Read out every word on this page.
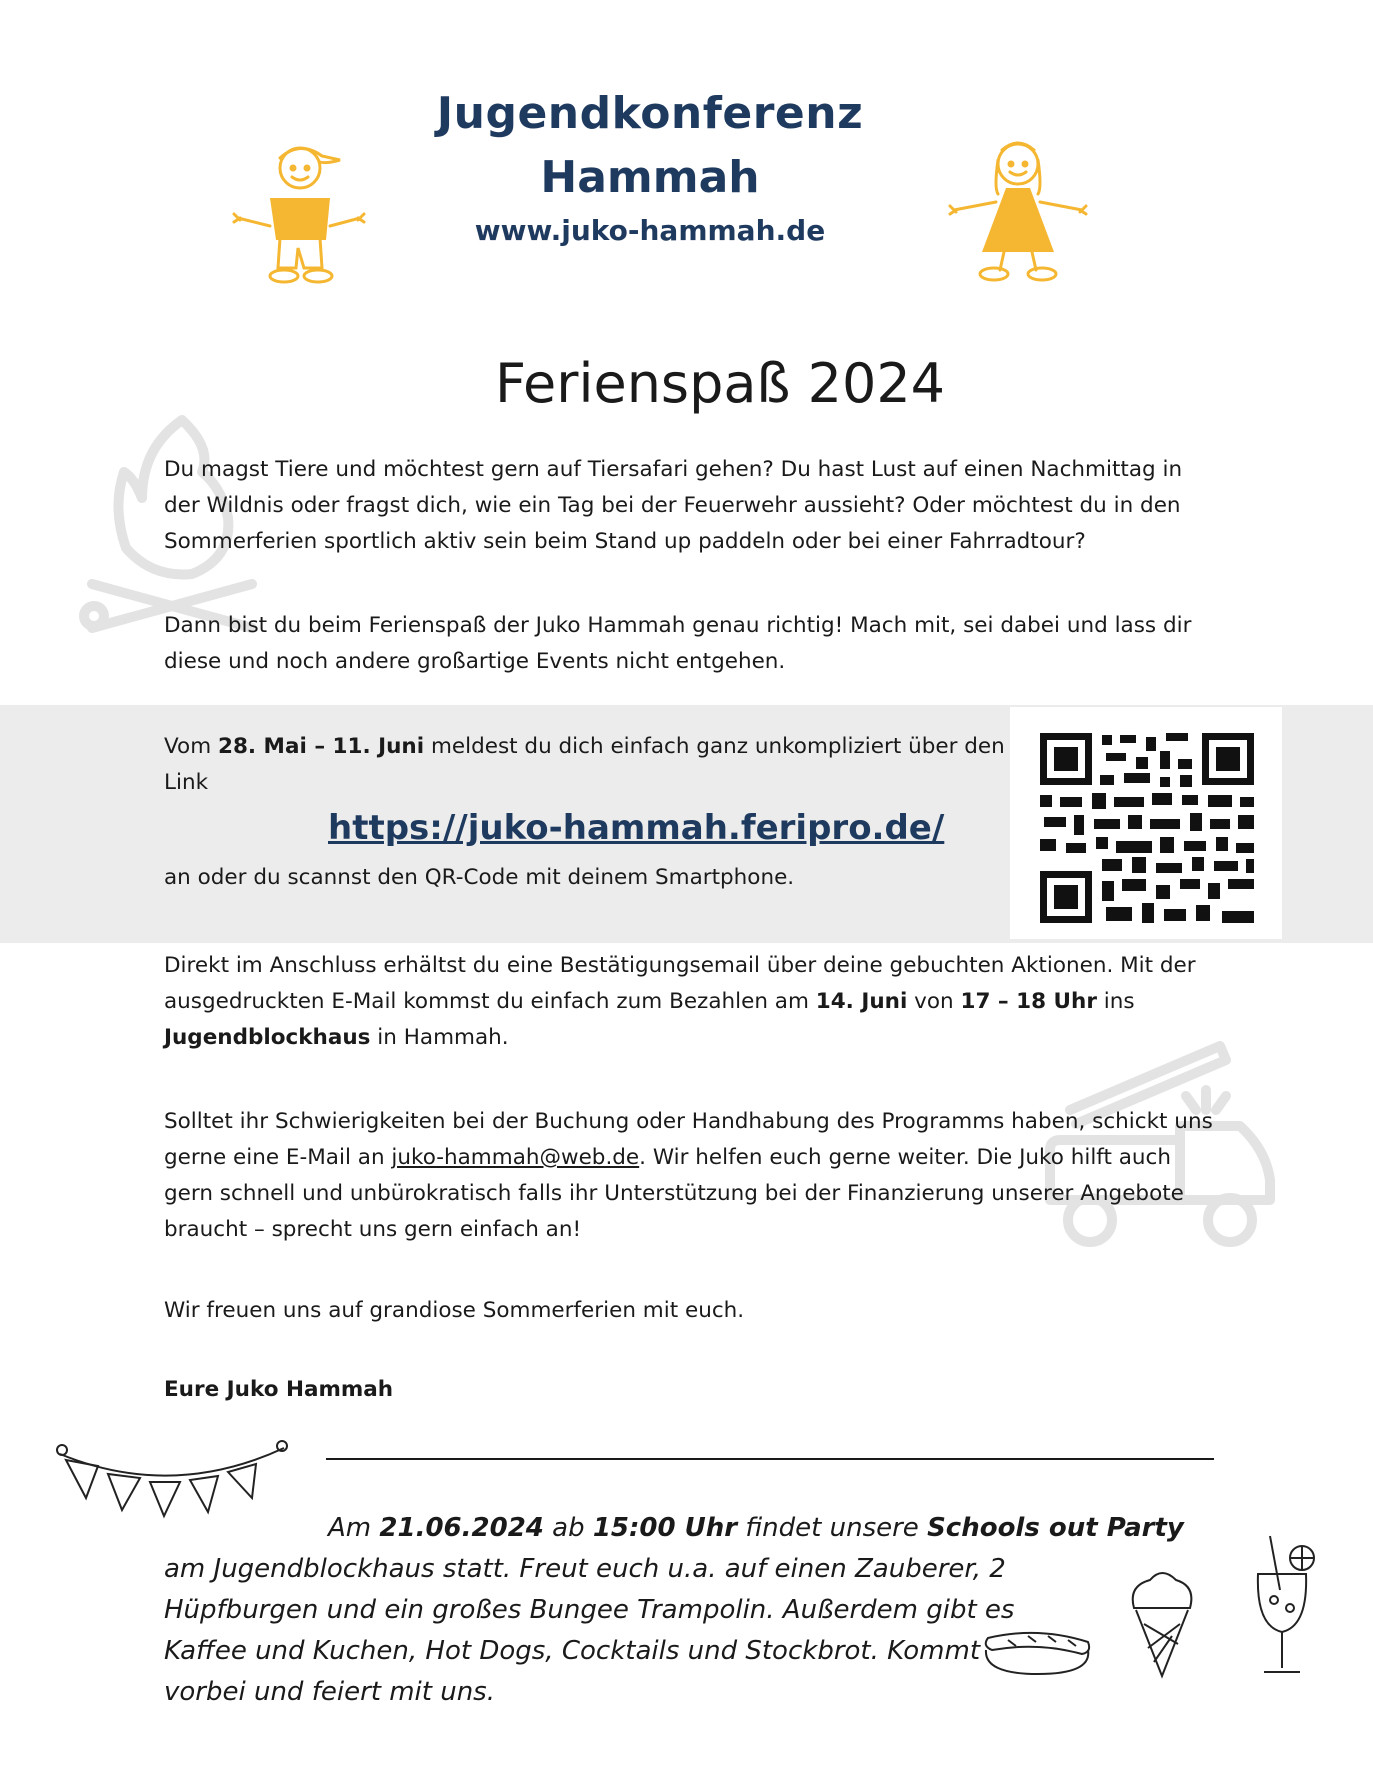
Jugendkonferenz
Hammah
www.juko-hammah.de
Ferienspaß 2024
Du magst Tiere und möchtest gern auf Tiersafari gehen? Du hast Lust auf einen Nachmittag in der Wildnis oder fragst dich, wie ein Tag bei der Feuerwehr aussieht? Oder möchtest du in den Sommerferien sportlich aktiv sein beim Stand up paddeln oder bei einer Fahrradtour?
Dann bist du beim Ferienspaß der Juko Hammah genau richtig! Mach mit, sei dabei und lass dir diese und noch andere großartige Events nicht entgehen.
Vom 28. Mai – 11. Juni meldest du dich einfach ganz unkompliziert über den Link
https://juko-hammah.feripro.de/
an oder du scannst den QR-Code mit deinem Smartphone.
Direkt im Anschluss erhältst du eine Bestätigungsemail über deine gebuchten Aktionen. Mit der ausgedruckten E-Mail kommst du einfach zum Bezahlen am 14. Juni von 17 – 18 Uhr ins Jugendblockhaus in Hammah.
Solltet ihr Schwierigkeiten bei der Buchung oder Handhabung des Programms haben, schickt uns gerne eine E-Mail an juko-hammah@web.de. Wir helfen euch gerne weiter. Die Juko hilft auch gern schnell und unbürokratisch falls ihr Unterstützung bei der Finanzierung unserer Angebote braucht – sprecht uns gern einfach an!
Wir freuen uns auf grandiose Sommerferien mit euch.
Eure Juko Hammah
Am 21.06.2024 ab 15:00 Uhr findet unsere Schools out Party
am Jugendblockhaus statt. Freut euch u.a. auf einen Zauberer, 2 Hüpfburgen und ein großes Bungee Trampolin. Außerdem gibt es Kaffee und Kuchen, Hot Dogs, Cocktails und Stockbrot. Kommt vorbei und feiert mit uns.
